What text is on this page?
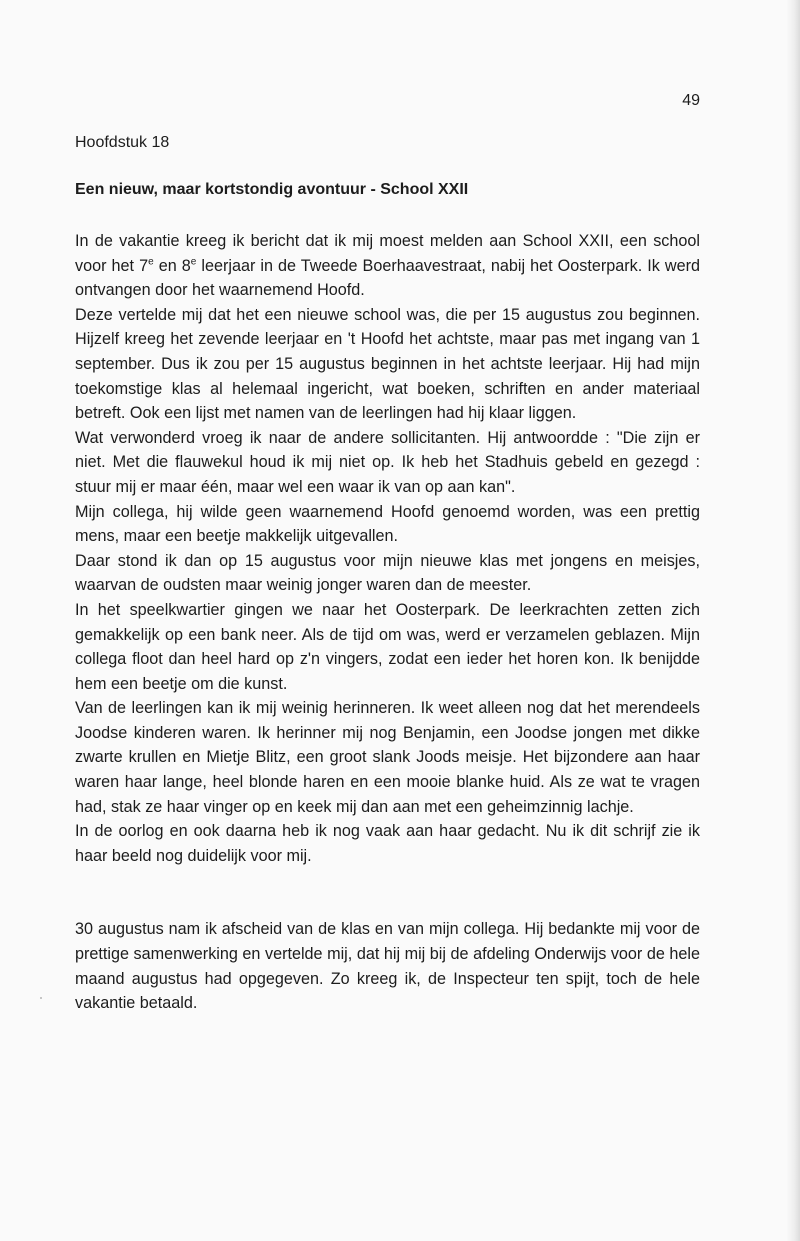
49
Hoofdstuk 18
Een nieuw, maar kortstondig avontuur - School XXII

In de vakantie kreeg ik bericht dat ik mij moest melden aan School XXII, een school voor het 7e en 8e leerjaar in de Tweede Boerhaavestraat, nabij het Oosterpark. Ik werd ontvangen door het waarnemend Hoofd.

Deze vertelde mij dat het een nieuwe school was, die per 15 augustus zou beginnen. Hijzelf kreeg het zevende leerjaar en 't Hoofd het achtste, maar pas met ingang van 1 september. Dus ik zou per 15 augustus beginnen in het achtste leerjaar. Hij had mijn toekomstige klas al helemaal ingericht, wat boeken, schriften en ander materiaal betreft. Ook een lijst met namen van de leerlingen had hij klaar liggen.

Wat verwonderd vroeg ik naar de andere sollicitanten. Hij antwoordde : "Die zijn er niet. Met die flauwekul houd ik mij niet op. Ik heb het Stadhuis gebeld en gezegd : stuur mij er maar één, maar wel een waar ik van op aan kan".

Mijn collega, hij wilde geen waarnemend Hoofd genoemd worden, was een prettig mens, maar een beetje makkelijk uitgevallen.

Daar stond ik dan op 15 augustus voor mijn nieuwe klas met jongens en meisjes, waarvan de oudsten maar weinig jonger waren dan de meester.

In het speelkwartier gingen we naar het Oosterpark. De leerkrachten zetten zich gemakkelijk op een bank neer. Als de tijd om was, werd er verzamelen geblazen. Mijn collega floot dan heel hard op z'n vingers, zodat een ieder het horen kon. Ik benijdde hem een beetje om die kunst.

Van de leerlingen kan ik mij weinig herinneren. Ik weet alleen nog dat het merendeels Joodse kinderen waren. Ik herinner mij nog Benjamin, een Joodse jongen met dikke zwarte krullen en Mietje Blitz, een groot slank Joods meisje. Het bijzondere aan haar waren haar lange, heel blonde haren en een mooie blanke huid. Als ze wat te vragen had, stak ze haar vinger op en keek mij dan aan met een geheimzinnig lachje.

In de oorlog en ook daarna heb ik nog vaak aan haar gedacht. Nu ik dit schrijf zie ik haar beeld nog duidelijk voor mij.

30 augustus nam ik afscheid van de klas en van mijn collega. Hij bedankte mij voor de prettige samenwerking en vertelde mij, dat hij mij bij de afdeling Onderwijs voor de hele maand augustus had opgegeven. Zo kreeg ik, de Inspecteur ten spijt, toch de hele vakantie betaald.
